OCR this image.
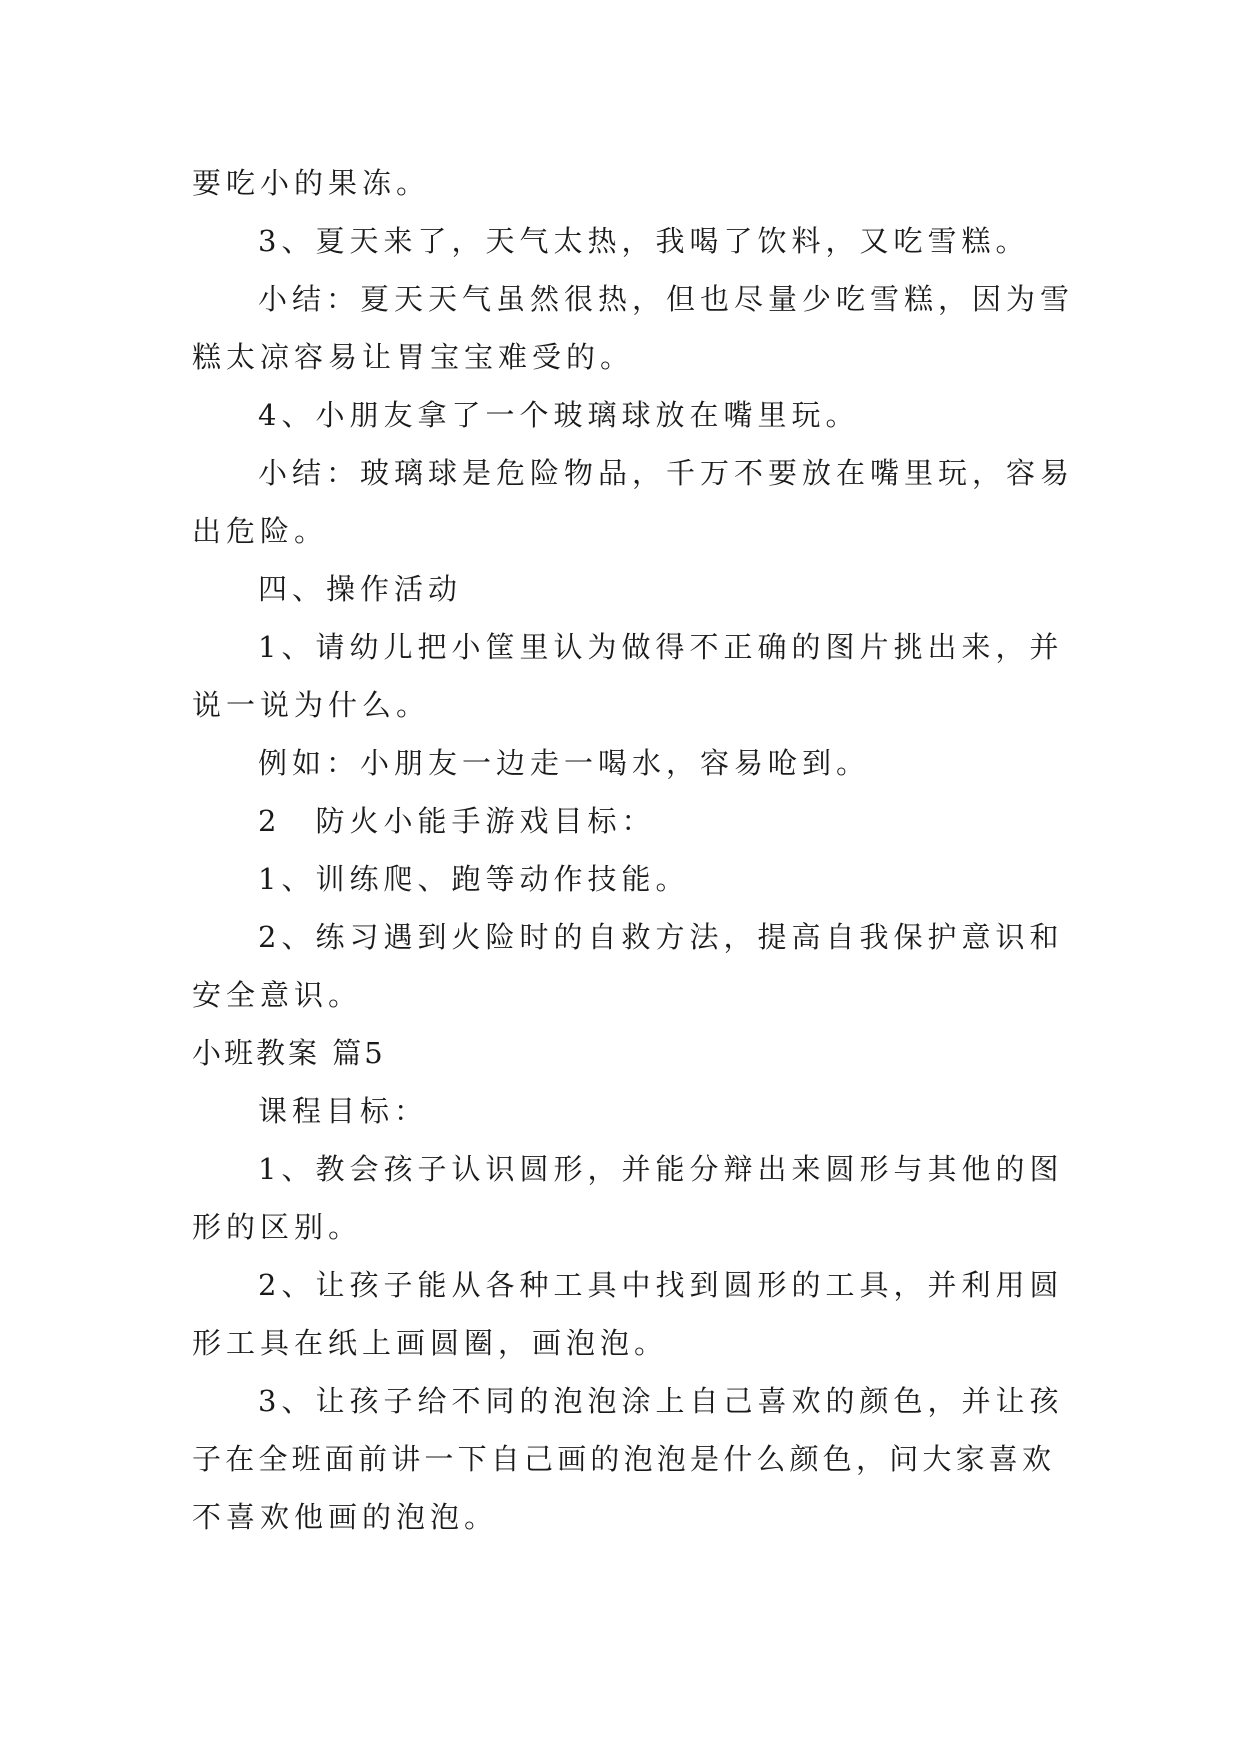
要吃小的果冻。
3、夏天来了，天气太热，我喝了饮料，又吃雪糕。
小结：夏天天气虽然很热，但也尽量少吃雪糕，因为雪
糕太凉容易让胃宝宝难受的。
4、小朋友拿了一个玻璃球放在嘴里玩。
小结：玻璃球是危险物品，千万不要放在嘴里玩，容易
出危险。
四、操作活动
1、请幼儿把小筐里认为做得不正确的图片挑出来，并
说一说为什么。
例如：小朋友一边走一喝水，容易呛到。
2　防火小能手游戏目标：
1、训练爬、跑等动作技能。
2、练习遇到火险时的自救方法，提高自我保护意识和
安全意识。
小班教案 篇5
课程目标：
1、教会孩子认识圆形，并能分辩出来圆形与其他的图
形的区别。
2、让孩子能从各种工具中找到圆形的工具，并利用圆
形工具在纸上画圆圈，画泡泡。
3、让孩子给不同的泡泡涂上自己喜欢的颜色，并让孩
子在全班面前讲一下自己画的泡泡是什么颜色，问大家喜欢
不喜欢他画的泡泡。
